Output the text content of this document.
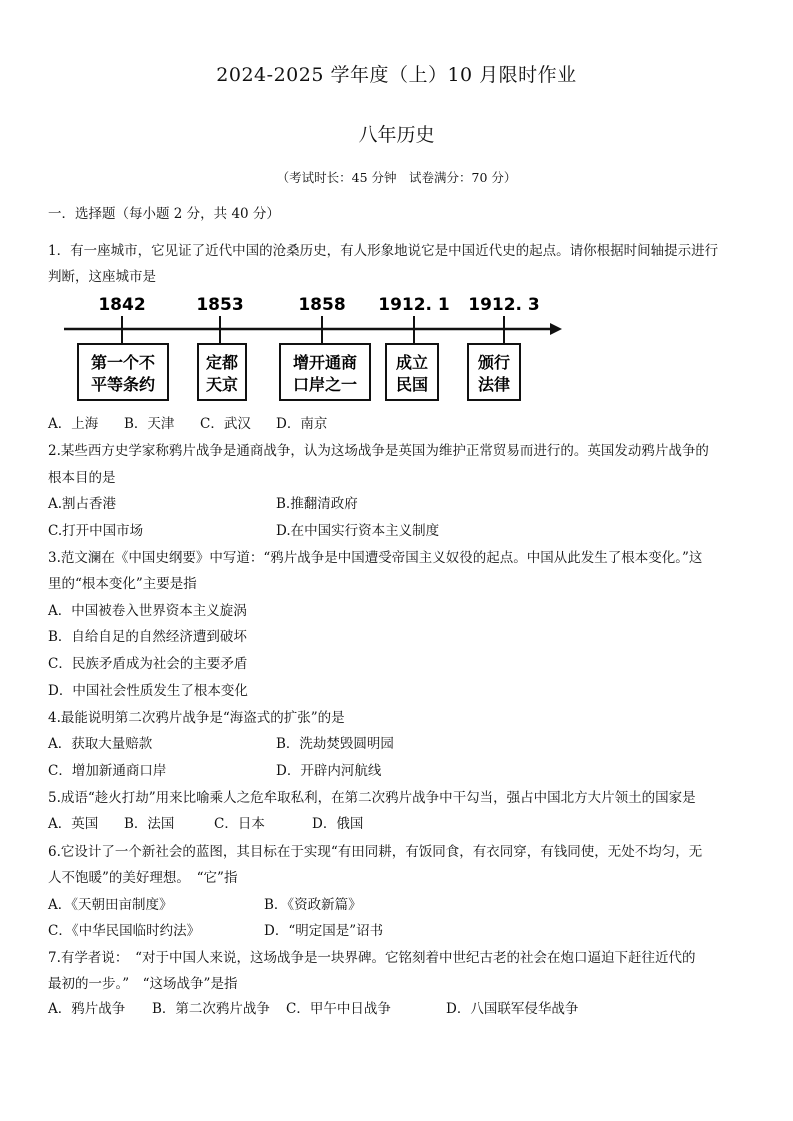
2024-2025 学年度（上）10 月限时作业
八年历史
（考试时长：45 分钟　试卷满分：70 分）
一．选择题（每小题 2 分，共 40 分）
1．有一座城市，它见证了近代中国的沧桑历史，有人形象地说它是中国近代史的起点。请你根据时间轴提示进行
判断，这座城市是
1842	1853	1858 1912. 1 1912. 3
第一个不
平等条约
定都
天京
增开通商
口岸之一
成立
民国
颁行
法律
A．上海 B．天津 C．武汉 D．南京
2.某些西方史学家称鸦片战争是通商战争，认为这场战争是英国为维护正常贸易而进行的。英国发动鸦片战争的
根本目的是
A.割占香港	B.推翻清政府
C.打开中国市场	D.在中国实行资本主义制度
3.范文澜在《中国史纲要》中写道：“鸦片战争是中国遭受帝国主义奴役的起点。中国从此发生了根本变化。”这
里的“根本变化”主要是指
A．中国被卷入世界资本主义旋涡
B．自给自足的自然经济遭到破坏
C．民族矛盾成为社会的主要矛盾
D．中国社会性质发生了根本变化
4.最能说明第二次鸦片战争是“海盗式的扩张”的是
A．获取大量赔款	B．洗劫焚毁圆明园
C．增加新通商口岸	D．开辟内河航线
5.成语“趁火打劫”用来比喻乘人之危牟取私利，在第二次鸦片战争中干勾当，强占中国北方大片领土的国家是
A．英国 B．法国	C．日本	D．俄国
6.它设计了一个新社会的蓝图，其目标在于实现“有田同耕，有饭同食，有衣同穿，有钱同使，无处不均匀，无
人不饱暖”的美好理想。　“它”指
A．《天朝田亩制度》	B．《资政新篇》
C．《中华民国临时约法》	D．“明定国是”诏书
7.有学者说：　“对于中国人来说，这场战争是一块界碑。它铭刻着中世纪古老的社会在炮口逼迫下赶往近代的
最初的一步。”　“这场战争”是指
A．鸦片战争 B．第二次鸦片战争 C．甲午中日战争	D．八国联军侵华战争
